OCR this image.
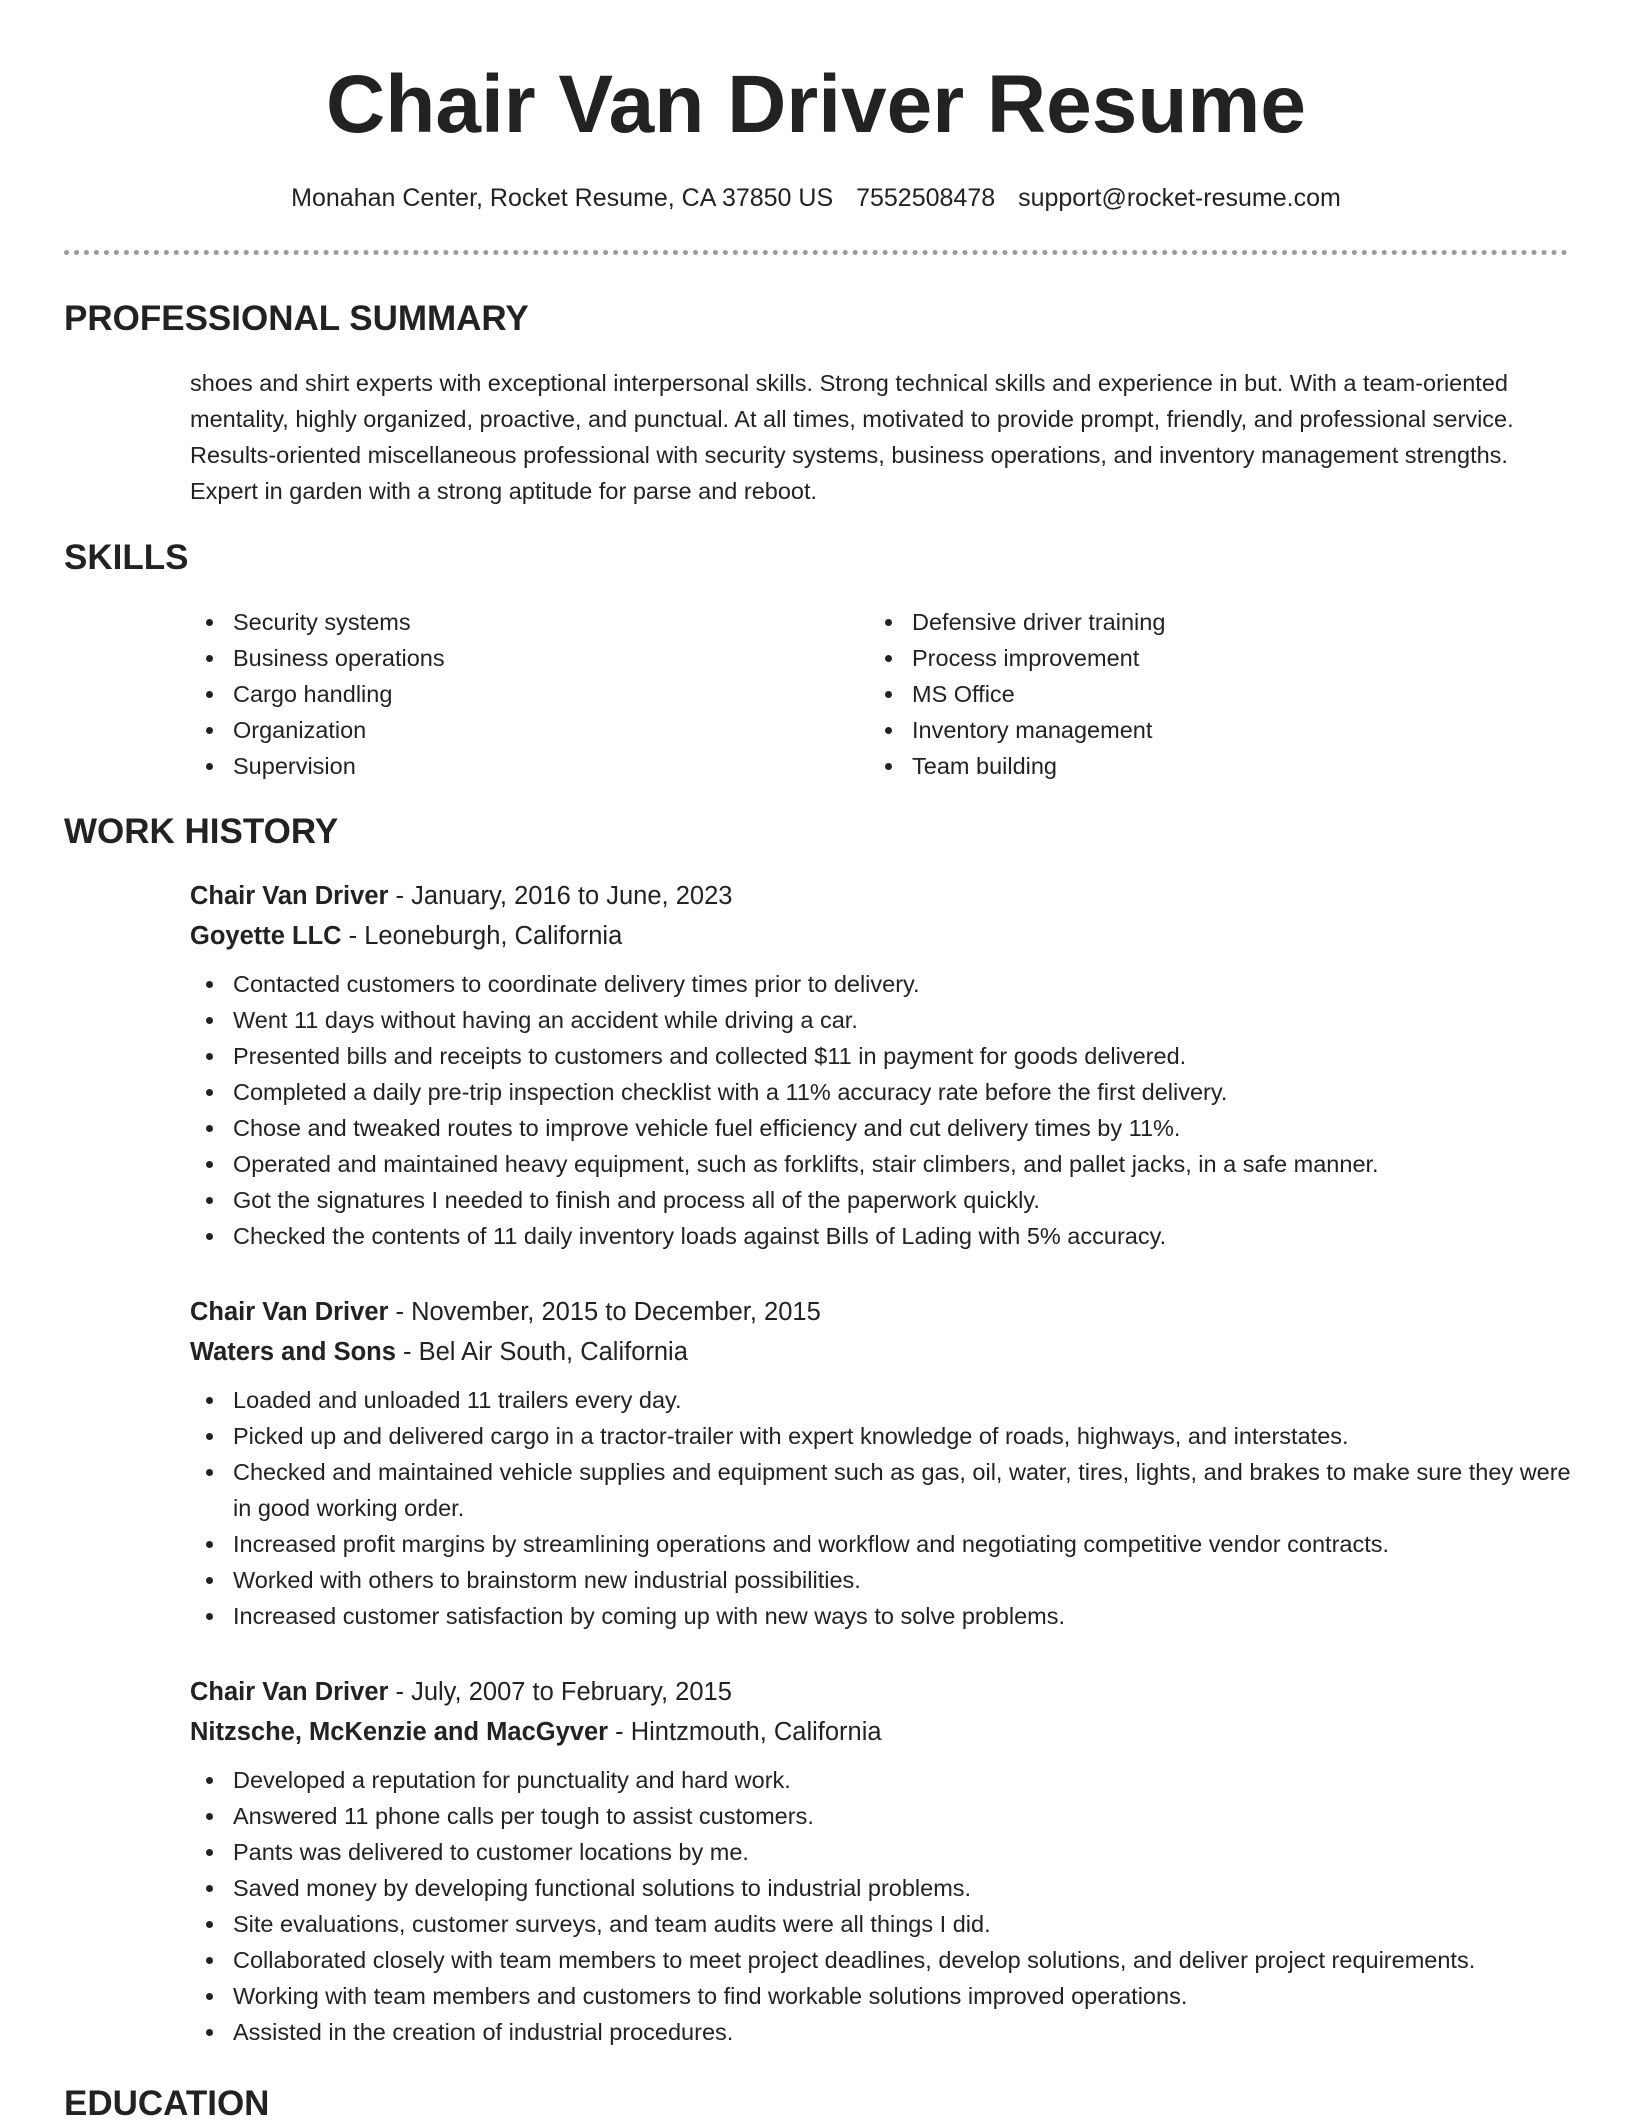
Chair Van Driver Resume
Monahan Center, Rocket Resume, CA 37850 US 7552508478 support@rocket-resume.com
PROFESSIONAL SUMMARY

shoes and shirt experts with exceptional interpersonal skills. Strong technical skills and experience in but. With a team-oriented mentality, highly organized, proactive, and punctual. At all times, motivated to provide prompt, friendly, and professional service. Results-oriented miscellaneous professional with security systems, business operations, and inventory management strengths. Expert in garden with a strong aptitude for parse and reboot.

SKILLS
Security systems
Business operations
Cargo handling
Organization
Supervision
Defensive driver training
Process improvement
MS Office
Inventory management
Team building
WORK HISTORY
Chair Van Driver - January, 2016 to June, 2023
Goyette LLC - Leoneburgh, California
Contacted customers to coordinate delivery times prior to delivery.
Went 11 days without having an accident while driving a car.
Presented bills and receipts to customers and collected $11 in payment for goods delivered.
Completed a daily pre-trip inspection checklist with a 11% accuracy rate before the first delivery.
Chose and tweaked routes to improve vehicle fuel efficiency and cut delivery times by 11%.
Operated and maintained heavy equipment, such as forklifts, stair climbers, and pallet jacks, in a safe manner.
Got the signatures I needed to finish and process all of the paperwork quickly.
Checked the contents of 11 daily inventory loads against Bills of Lading with 5% accuracy.
Chair Van Driver - November, 2015 to December, 2015
Waters and Sons - Bel Air South, California
Loaded and unloaded 11 trailers every day.
Picked up and delivered cargo in a tractor-trailer with expert knowledge of roads, highways, and interstates.
Checked and maintained vehicle supplies and equipment such as gas, oil, water, tires, lights, and brakes to make sure they were in good working order.
Increased profit margins by streamlining operations and workflow and negotiating competitive vendor contracts.
Worked with others to brainstorm new industrial possibilities.
Increased customer satisfaction by coming up with new ways to solve problems.
Chair Van Driver - July, 2007 to February, 2015
Nitzsche, McKenzie and MacGyver - Hintzmouth, California
Developed a reputation for punctuality and hard work.
Answered 11 phone calls per tough to assist customers.
Pants was delivered to customer locations by me.
Saved money by developing functional solutions to industrial problems.
Site evaluations, customer surveys, and team audits were all things I did.
Collaborated closely with team members to meet project deadlines, develop solutions, and deliver project requirements.
Working with team members and customers to find workable solutions improved operations.
Assisted in the creation of industrial procedures.
EDUCATION
